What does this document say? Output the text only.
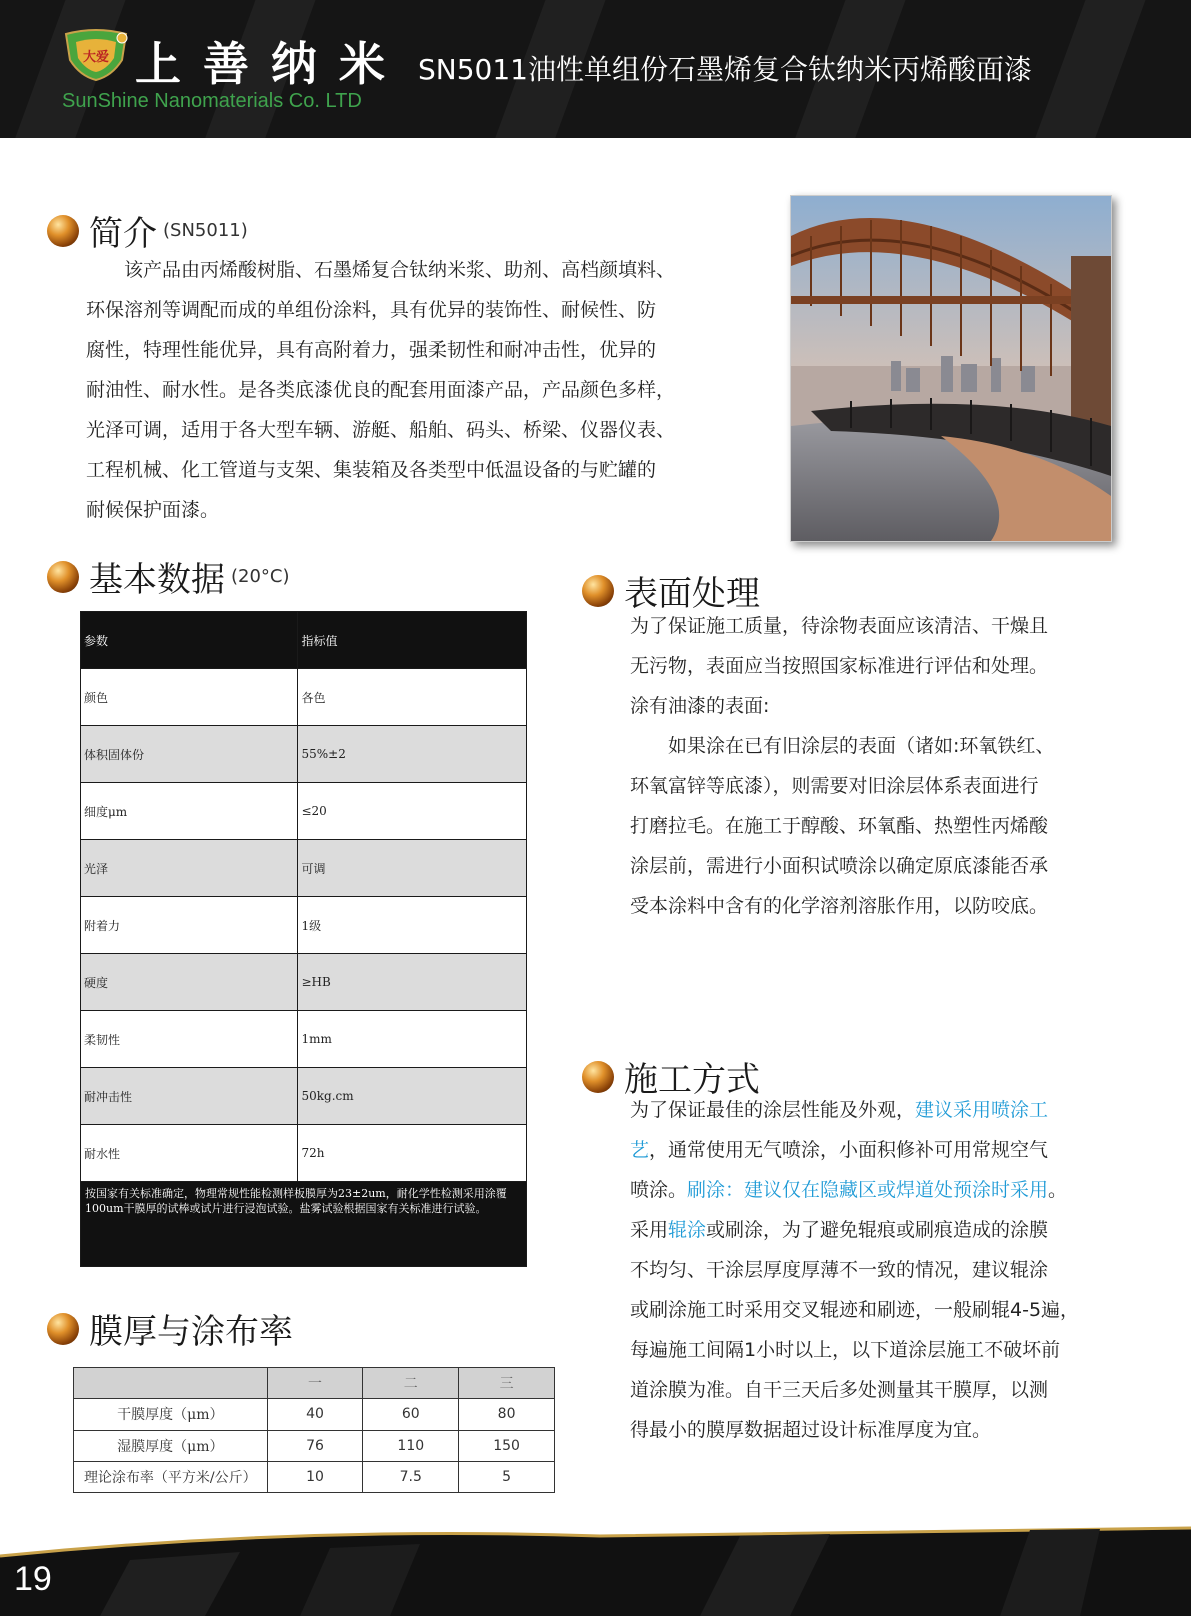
大爱 上善纳米
SunShine Nanomaterials Co. LTD
SN5011油性单组份石墨烯复合钛纳米丙烯酸面漆
简介 (SN5011)
该产品由丙烯酸树脂、石墨烯复合钛纳米浆、助剂、高档颜填料、
环保溶剂等调配而成的单组份涂料，具有优异的装饰性、耐候性、防
腐性，特理性能优异，具有高附着力，强柔韧性和耐冲击性，优异的
耐油性、耐水性。是各类底漆优良的配套用面漆产品，产品颜色多样，
光泽可调，适用于各大型车辆、游艇、船舶、码头、桥梁、仪器仪表、
工程机械、化工管道与支架、集装箱及各类型中低温设备的与贮罐的
耐候保护面漆。
基本数据 (20°C)
参数	指标值
颜色	各色
体积固体份	55%±2
细度μm	≤20
光泽	可调
附着力	1级
硬度	≥HB
柔韧性	1mm
耐冲击性	50kg.cm
耐水性	72h
按国家有关标准确定，物理常规性能检测样板膜厚为23±2um，耐化学性检测采用涂覆100um干膜厚的试棒或试片进行浸泡试验。盐雾试验根据国家有关标准进行试验。	
膜厚与涂布率
	一	二	三
干膜厚度（μm）	40	60	80
湿膜厚度（μm）	76	110	150
理论涂布率（平方米/公斤）	10	7.5	5
表面处理
为了保证施工质量，待涂物表面应该清洁、干燥且
无污物，表面应当按照国家标准进行评估和处理。
涂有油漆的表面:
如果涂在已有旧涂层的表面（诸如:环氧铁红、
环氧富锌等底漆），则需要对旧涂层体系表面进行
打磨拉毛。在施工于醇酸、环氧酯、热塑性丙烯酸
涂层前，需进行小面积试喷涂以确定原底漆能否承
受本涂料中含有的化学溶剂溶胀作用，以防咬底。
施工方式
为了保证最佳的涂层性能及外观，建议采用喷涂工
艺，通常使用无气喷涂，小面积修补可用常规空气
喷涂。刷涂：建议仅在隐藏区或焊道处预涂时采用。
采用辊涂或刷涂，为了避免辊痕或刷痕造成的涂膜
不均匀、干涂层厚度厚薄不一致的情况，建议辊涂
或刷涂施工时采用交叉辊迹和刷迹，一般刷辊4-5遍，
每遍施工间隔1小时以上，以下道涂层施工不破坏前
道涂膜为准。自干三天后多处测量其干膜厚，以测
得最小的膜厚数据超过设计标准厚度为宜。
19
